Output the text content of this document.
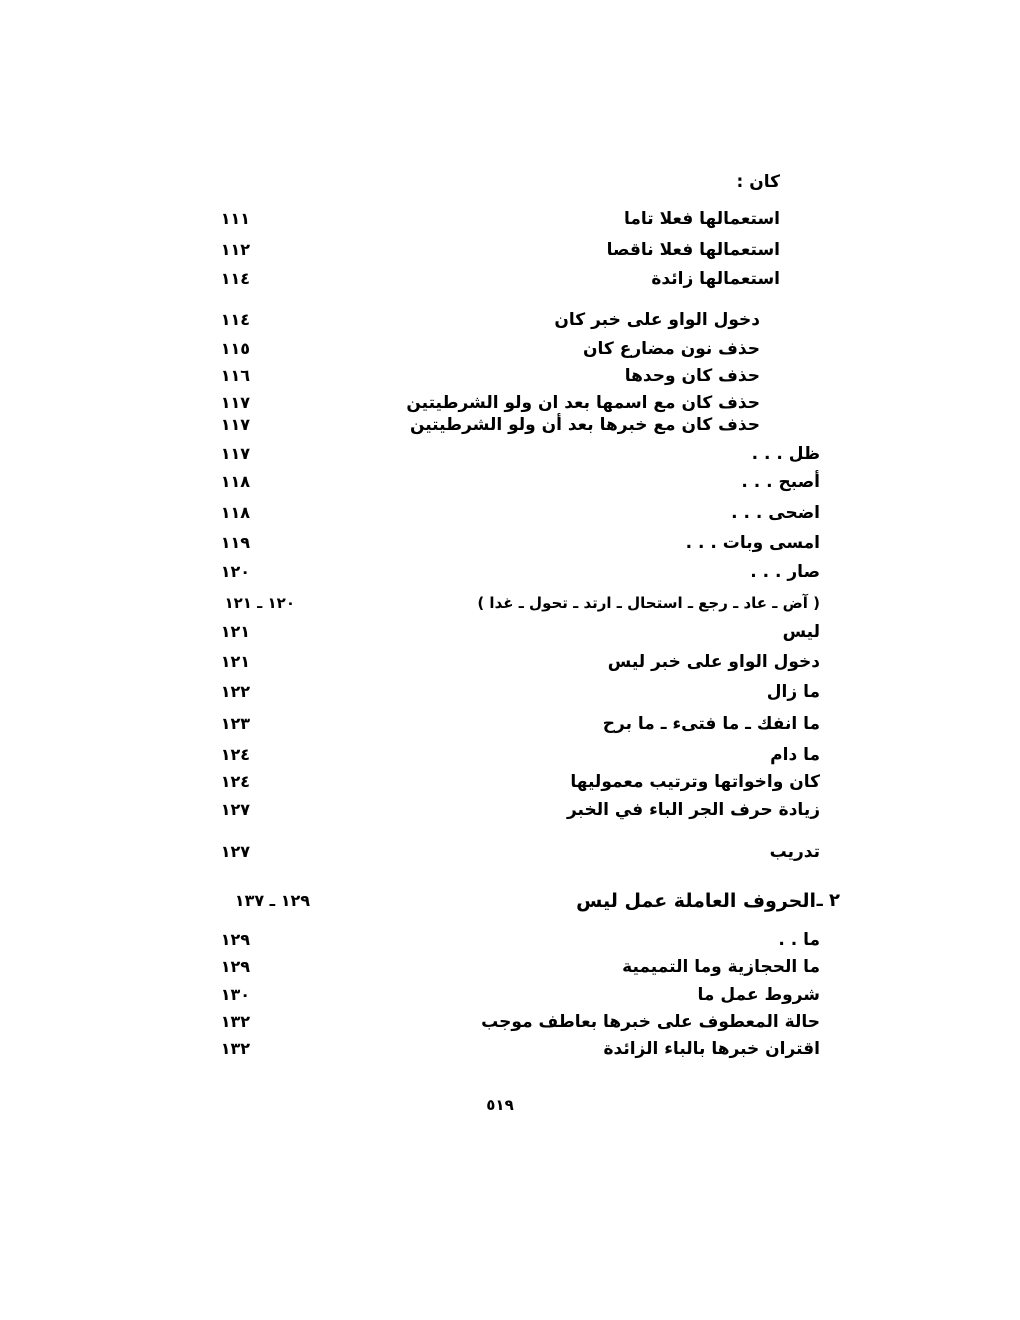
كان :
استعمالها فعلا تاما
١١١
استعمالها فعلا ناقصا
١١٢
استعمالها زائدة
١١٤
دخول الواو على خبر كان
١١٤
حذف نون مضارع كان
١١٥
حذف كان وحدها
١١٦
حذف كان مع اسمها بعد ان ولو الشرطيتين
١١٧
حذف كان مع خبرها بعد أن ولو الشرطيتين
١١٧
ظل . . .
١١٧
أصبح . . .
١١٨
اضحى . . .
١١٨
امسى وبات . . .
١١٩
صار . . .
١٢٠
( آض ـ عاد ـ رجع ـ استحال ـ ارتد ـ تحول ـ غدا )
١٢٠ ـ ١٢١
ليس
١٢١
دخول الواو على خبر ليس
١٢١
ما زال
١٢٢
ما انفك ـ ما فتىء ـ ما برح
١٢٣
ما دام
١٢٤
كان واخواتها وترتيب معموليها
١٢٤
زيادة حرف الجر الباء في الخبر
١٢٧
تدريب
١٢٧
٢ ـ
الحروف العاملة عمل ليس
١٢٩ ـ ١٣٧
ما . .
١٢٩
ما الحجازية وما التميمية
١٢٩
شروط عمل ما
١٣٠
حالة المعطوف على خبرها بعاطف موجب
١٣٢
اقتران خبرها بالباء الزائدة
١٣٢
٥١٩
